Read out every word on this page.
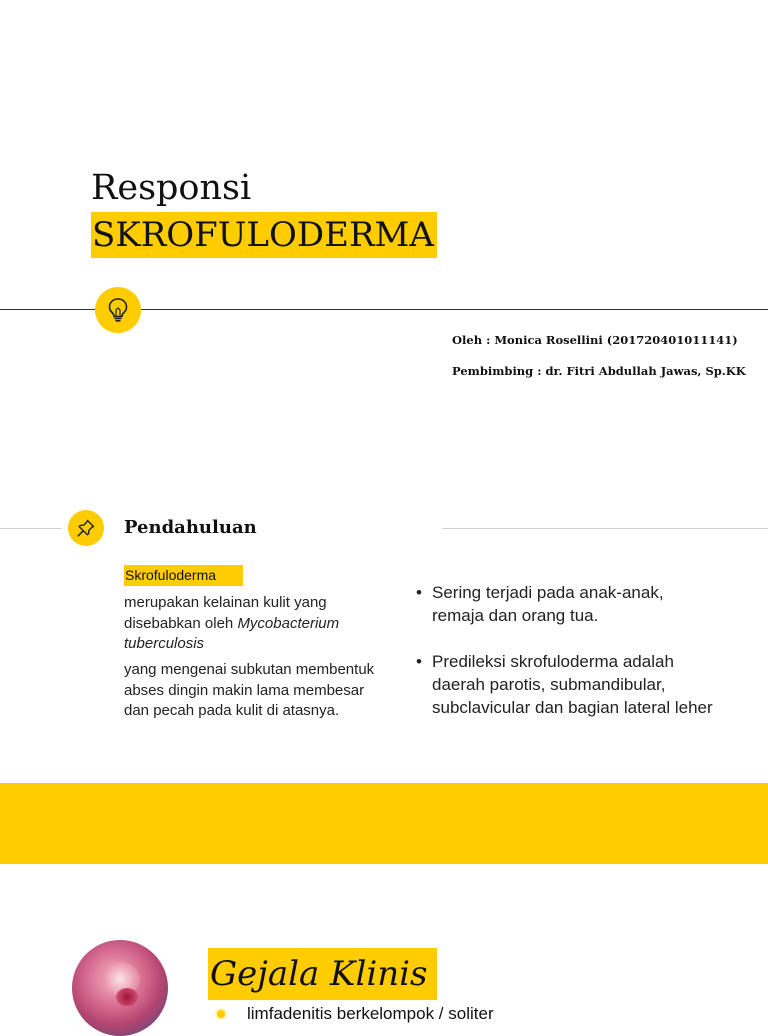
Responsi
SKROFULODERMA
Oleh : Monica Rosellini (201720401011141)
Pembimbing : dr. Fitri Abdullah Jawas, Sp.KK
Pendahuluan
Skrofuloderma
merupakan kelainan kulit yang disebabkan oleh Mycobacterium tuberculosis
yang mengenai subkutan membentuk abses dingin makin lama membesar dan pecah pada kulit di atasnya.
• Sering terjadi pada anak-anak, remaja dan orang tua.
• Predileksi skrofuloderma adalah daerah parotis, submandibular, subclavicular dan bagian lateral leher
Gejala Klinis
limfadenitis berkelompok / soliter
